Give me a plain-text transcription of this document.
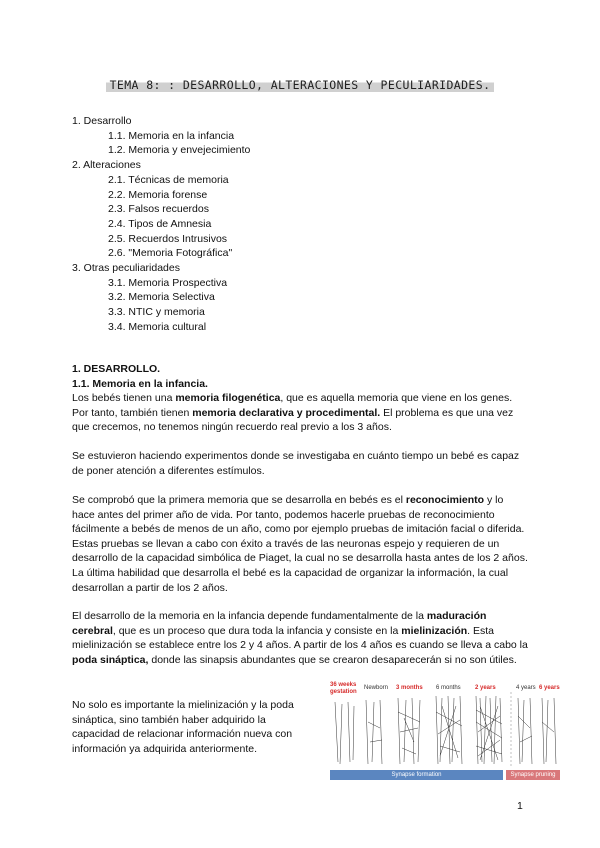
TEMA 8: : DESARROLLO, ALTERACIONES Y PECULIARIDADES.
1. Desarrollo
1.1. Memoria en la infancia
1.2. Memoria y envejecimiento
2. Alteraciones
2.1. Técnicas de memoria
2.2. Memoria forense
2.3. Falsos recuerdos
2.4. Tipos de Amnesia
2.5. Recuerdos Intrusivos
2.6. "Memoria Fotográfica"
3. Otras peculiaridades
3.1. Memoria Prospectiva
3.2. Memoria Selectiva
3.3. NTIC y memoria
3.4. Memoria cultural
1. DESARROLLO.
1.1. Memoria en la infancia.

Los bebés tienen una memoria filogenética, que es aquella memoria que viene en los genes. Por tanto, también tienen memoria declarativa y procedimental. El problema es que una vez que crecemos, no tenemos ningún recuerdo real previo a los 3 años.

Se estuvieron haciendo experimentos donde se investigaba en cuánto tiempo un bebé es capaz de poner atención a diferentes estímulos.

Se comprobó que la primera memoria que se desarrolla en bebés es el reconocimiento y lo hace antes del primer año de vida. Por tanto, podemos hacerle pruebas de reconocimiento fácilmente a bebés de menos de un año, como por ejemplo pruebas de imitación facial o diferida. Estas pruebas se llevan a cabo con éxito a través de las neuronas espejo y requieren de un desarrollo de la capacidad simbólica de Piaget, la cual no se desarrolla hasta antes de los 2 años. La última habilidad que desarrolla el bebé es la capacidad de organizar la información, la cual desarrollan a partir de los 2 años.

El desarrollo de la memoria en la infancia depende fundamentalmente de la maduración cerebral, que es un proceso que dura toda la infancia y consiste en la mielinización. Esta mielinización se establece entre los 2 y 4 años. A partir de los 4 años es cuando se lleva a cabo la poda sináptica, donde las sinapsis abundantes que se crearon desaparecerán si no son útiles.

No solo es importante la mielinización y la poda sináptica, sino también haber adquirido la capacidad de relacionar información nueva con información ya adquirida anteriormente.

36 weeks gestation
Newborn 3 months 6 months 2 years	4 years 6 years
Synapse formation	Synapse pruning
1
